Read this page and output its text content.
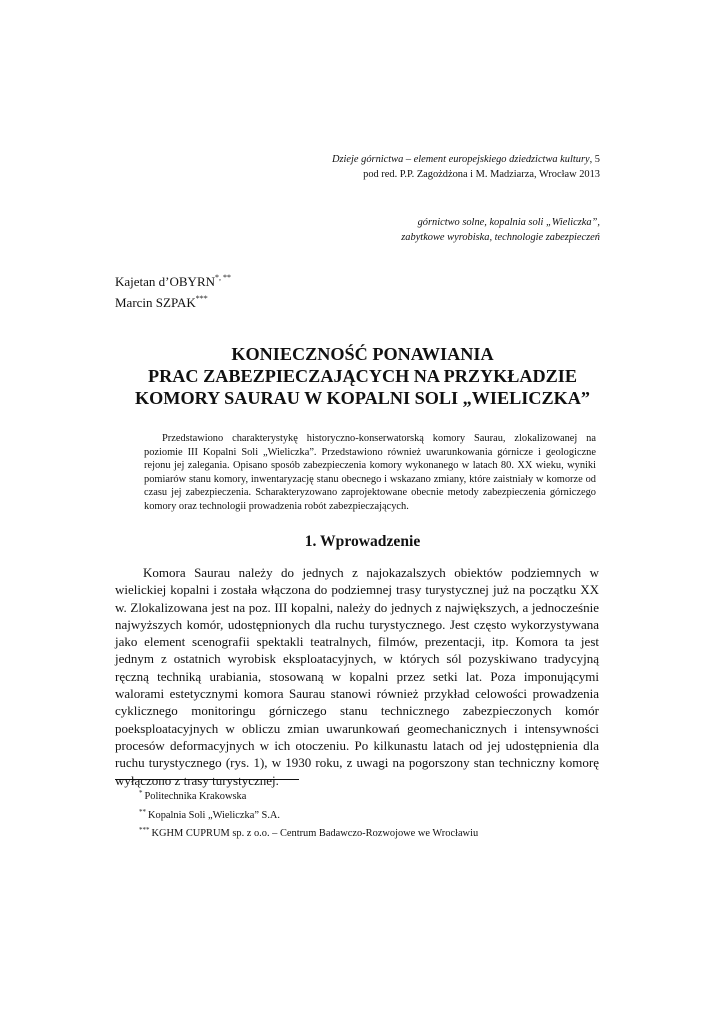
Dzieje górnictwa – element europejskiego dziedzictwa kultury, 5
pod red. P.P. Zagożdżona i M. Madziarza, Wrocław 2013
górnictwo solne, kopalnia soli „Wieliczka”,
zabytkowe wyrobiska, technologie zabezpieczeń
Kajetan d’OBYRN*, **
Marcin SZPAK***
KONIECZNOŚĆ PONAWIANIA
PRAC ZABEZPIECZAJĄCYCH NA PRZYKŁADZIE
KOMORY SAURAU W KOPALNI SOLI „WIELICZKA”
Przedstawiono charakterystykę historyczno-konserwatorską komory Saurau, zlokalizowanej na poziomie III Kopalni Soli „Wieliczka”. Przedstawiono również uwarunkowania górnicze i geologiczne rejonu jej zalegania. Opisano sposób zabezpieczenia komory wykonanego w latach 80. XX wieku, wyniki pomiarów stanu komory, inwentaryzację stanu obecnego i wskazano zmiany, które zaistniały w komorze od czasu jej zabezpieczenia. Scharakteryzowano zaprojektowane obecnie metody zabezpieczenia górniczego komory oraz technologii prowadzenia robót zabezpieczających.
1. Wprowadzenie
Komora Saurau należy do jednych z najokazalszych obiektów podziemnych w wielickiej kopalni i została włączona do podziemnej trasy turystycznej już na początku XX w. Zlokalizowana jest na poz. III kopalni, należy do jednych z największych, a jednocześnie najwyższych komór, udostępnionych dla ruchu turystycznego. Jest często wykorzystywana jako element scenografii spektakli teatralnych, filmów, prezentacji, itp. Komora ta jest jednym z ostatnich wyrobisk eksploatacyjnych, w których sól pozyskiwano tradycyjną ręczną techniką urabiania, stosowaną w kopalni przez setki lat. Poza imponującymi walorami estetycznymi komora Saurau stanowi również przykład celowości prowadzenia cyklicznego monitoringu górniczego stanu technicznego zabezpieczonych komór poeksploatacyjnych w obliczu zmian uwarunkowań geomechanicznych i intensywności procesów deformacyjnych w ich otoczeniu. Po kilkunastu latach od jej udostępnienia dla ruchu turystycznego (rys. 1), w 1930 roku, z uwagi na pogorszony stan techniczny komorę wyłączono z trasy turystycznej.
* Politechnika Krakowska
** Kopalnia Soli „Wieliczka” S.A.
*** KGHM CUPRUM sp. z o.o. – Centrum Badawczo-Rozwojowe we Wrocławiu
